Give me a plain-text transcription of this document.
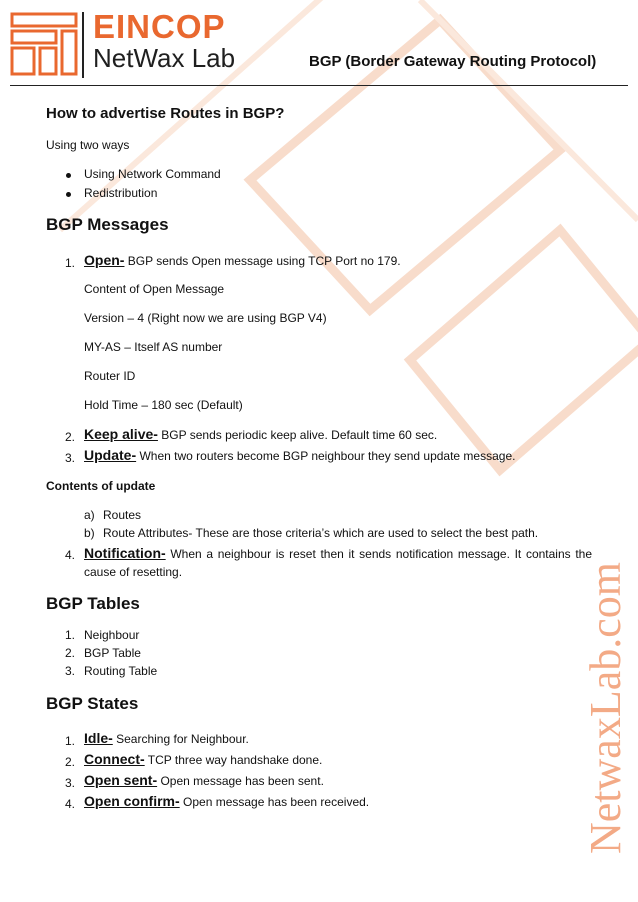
EINCOP
NetWax Lab	BGP (Border Gateway Routing Protocol)
How to advertise Routes in BGP?
Using two ways
Using Network Command
Redistribution
BGP Messages
1. Open- BGP sends Open message using TCP Port no 179.
Content of Open Message
Version – 4 (Right now we are using BGP V4)
MY-AS – Itself AS number
Router ID
Hold Time – 180 sec (Default)
2. Keep alive- BGP sends periodic keep alive. Default time 60 sec.
3. Update- When two routers become BGP neighbour they send update message.
Contents of update
a) Routes
b) Route Attributes- These are those criteria’s which are used to select the best path.
4. Notification- When a neighbour is reset then it sends notification message. It contains the cause of resetting.
BGP Tables
1. Neighbour
2. BGP Table
3. Routing Table
BGP States
1. Idle- Searching for Neighbour.
2. Connect- TCP three way handshake done.
3. Open sent- Open message has been sent.
4. Open confirm- Open message has been received.	NetwaxLab.com
